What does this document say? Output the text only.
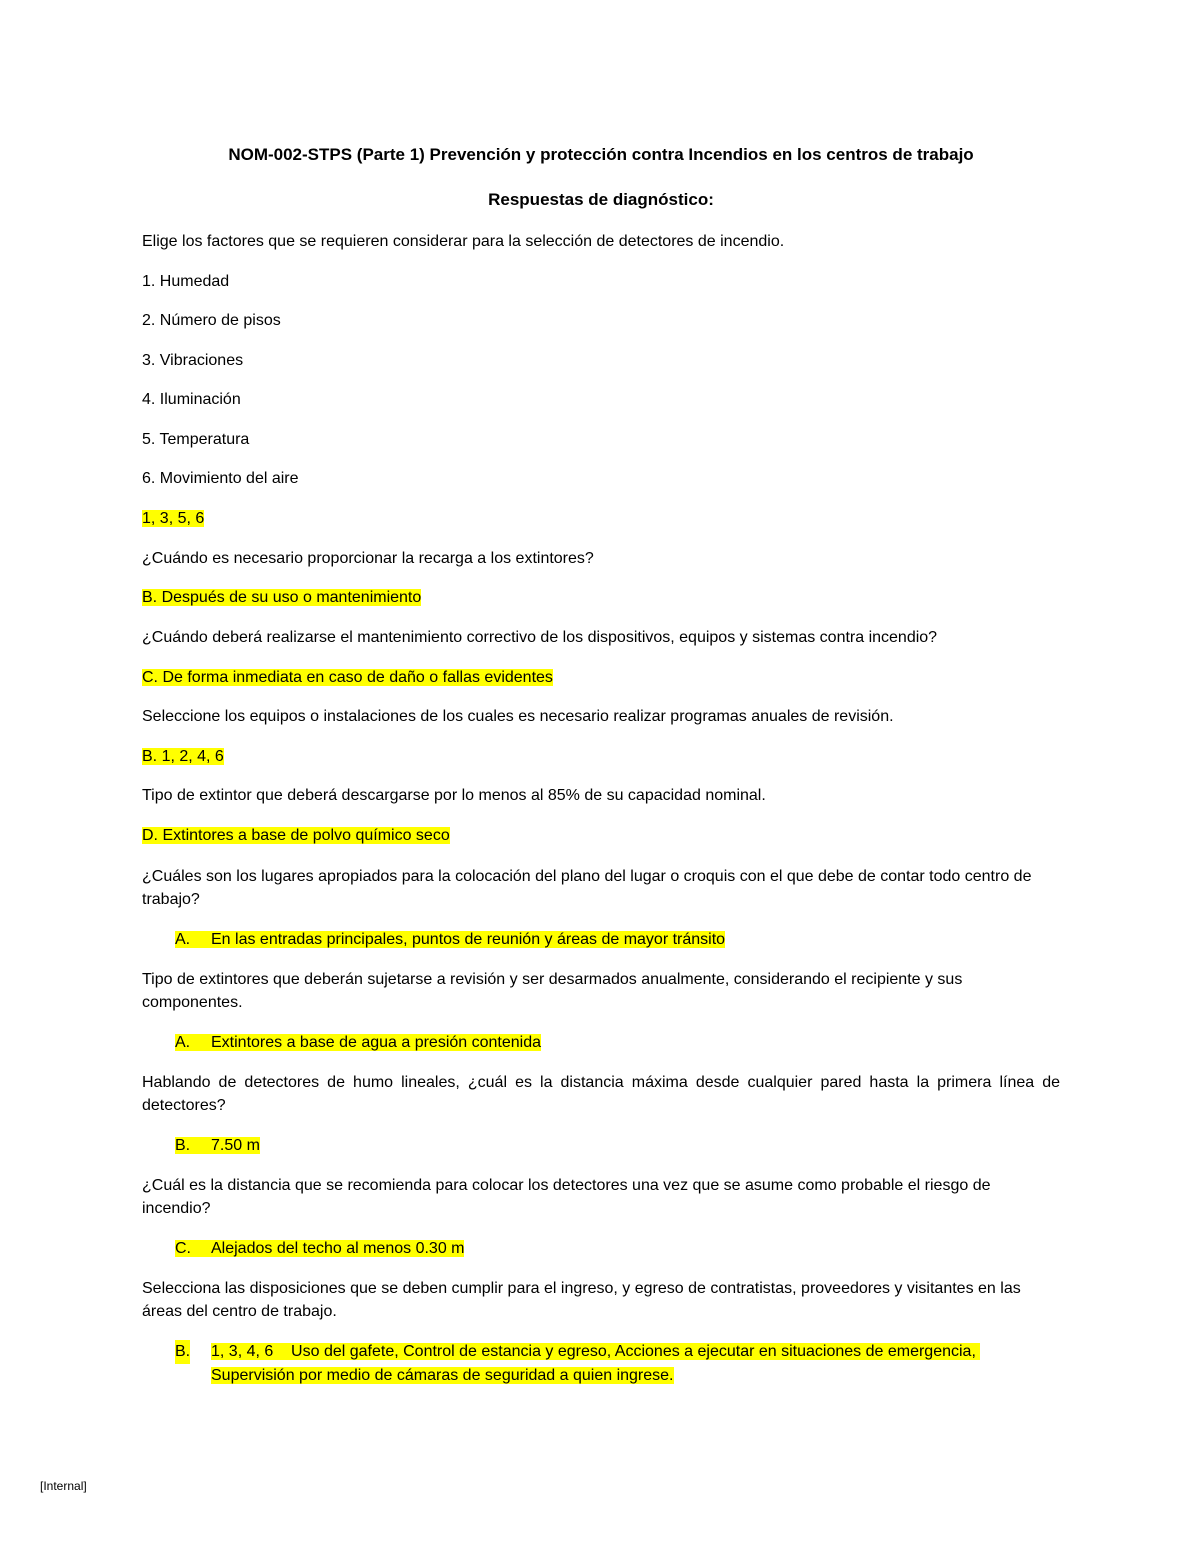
NOM-002-STPS (Parte 1) Prevención y protección contra Incendios en los centros de trabajo
Respuestas de diagnóstico:
Elige los factores que se requieren considerar para la selección de detectores de incendio.
1. Humedad
2. Número de pisos
3. Vibraciones
4. Iluminación
5. Temperatura
6. Movimiento del aire
1, 3, 5, 6
¿Cuándo es necesario proporcionar la recarga a los extintores?
B. Después de su uso o mantenimiento
¿Cuándo deberá realizarse el mantenimiento correctivo de los dispositivos, equipos y sistemas contra incendio?
C. De forma inmediata en caso de daño o fallas evidentes
Seleccione los equipos o instalaciones de los cuales es necesario realizar programas anuales de revisión.
B. 1, 2, 4, 6
Tipo de extintor que deberá descargarse por lo menos al 85% de su capacidad nominal.
D. Extintores a base de polvo químico seco
¿Cuáles son los lugares apropiados para la colocación del plano del lugar o croquis con el que debe de contar todo centro de trabajo?
A. En las entradas principales, puntos de reunión y áreas de mayor tránsito
Tipo de extintores que deberán sujetarse a revisión y ser desarmados anualmente, considerando el recipiente y sus componentes.
A. Extintores a base de agua a presión contenida
Hablando de detectores de humo lineales, ¿cuál es la distancia máxima desde cualquier pared hasta la primera línea de detectores?
B. 7.50 m
¿Cuál es la distancia que se recomienda para colocar los detectores una vez que se asume como probable el riesgo de incendio?
C. Alejados del techo al menos 0.30 m
Selecciona las disposiciones que se deben cumplir para el ingreso, y egreso de contratistas, proveedores y visitantes en las áreas del centro de trabajo.
B. 1, 3, 4, 6    Uso del gafete, Control de estancia y egreso, Acciones a ejecutar en situaciones de emergencia, Supervisión por medio de cámaras de seguridad a quien ingrese.
[Internal]
